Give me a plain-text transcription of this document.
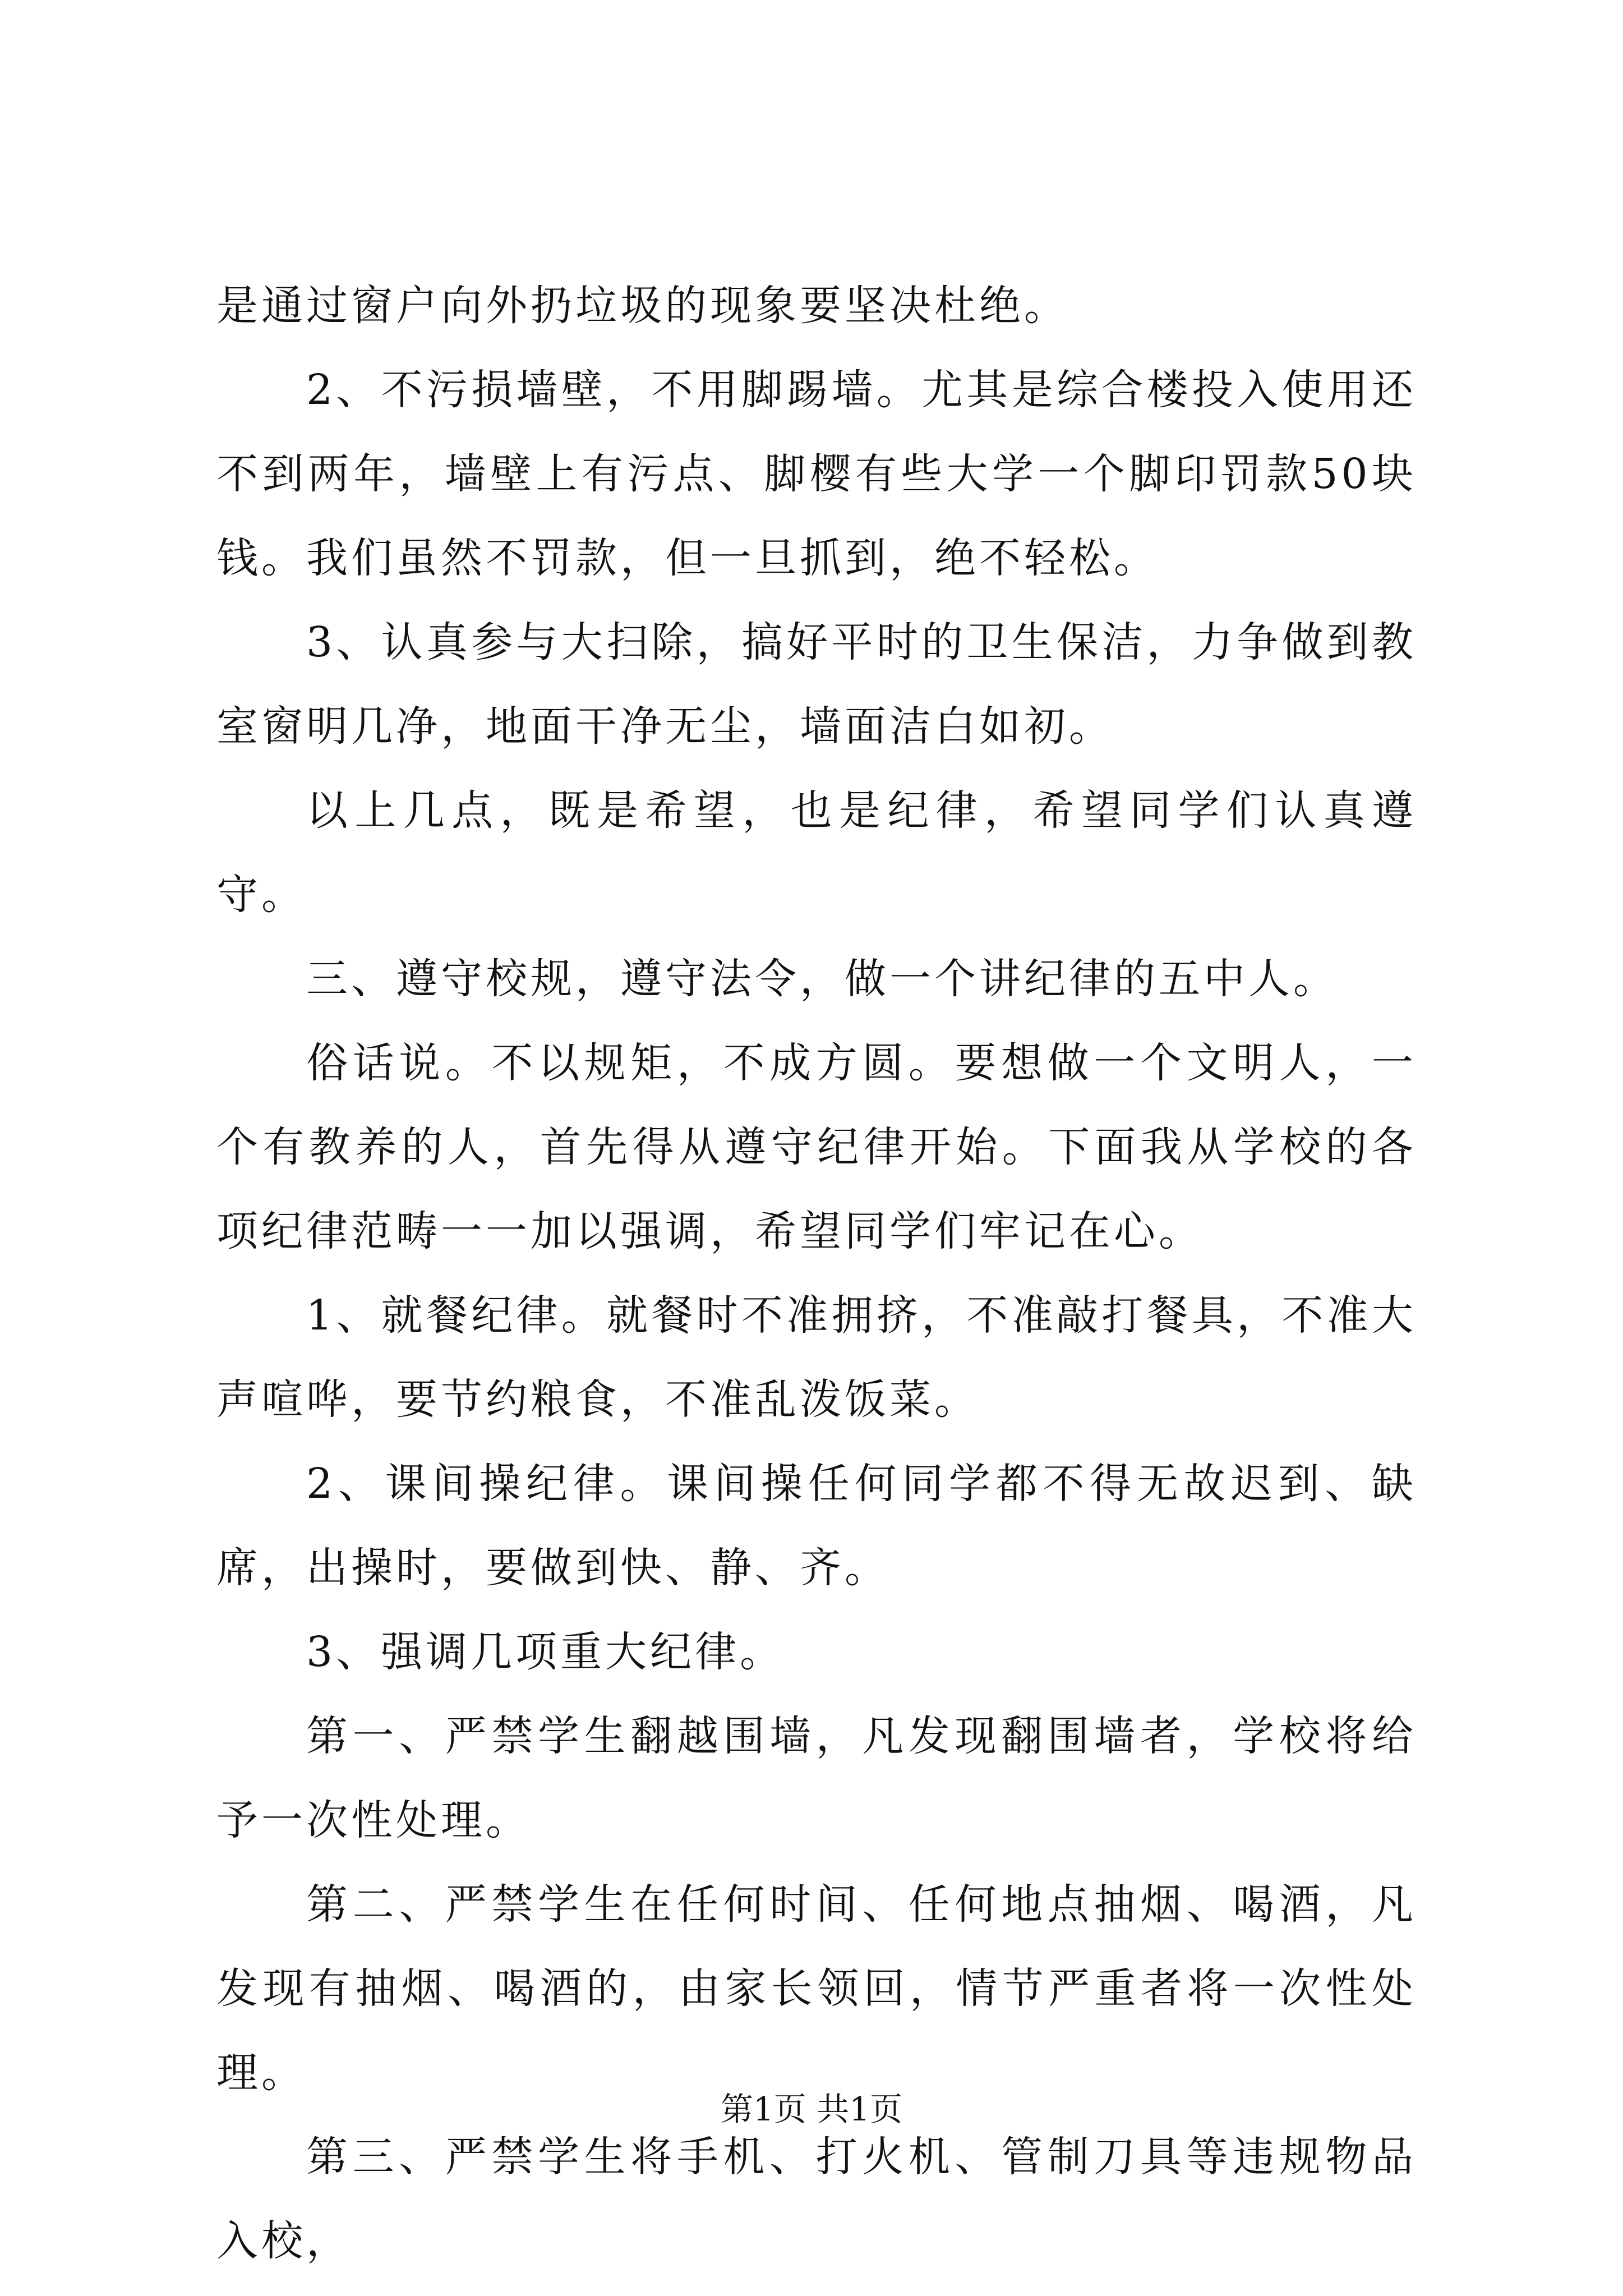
是通过窗户向外扔垃圾的现象要坚决杜绝。

2、不污损墙壁，不用脚踢墙。尤其是综合楼投入使用还不到两年，墙壁上有污点、脚樱有些大学一个脚印罚款50块钱。我们虽然不罚款，但一旦抓到，绝不轻松。

3、认真参与大扫除，搞好平时的卫生保洁，力争做到教室窗明几净，地面干净无尘，墙面洁白如初。

以上几点，既是希望，也是纪律，希望同学们认真遵守。

三、遵守校规，遵守法令，做一个讲纪律的五中人。

俗话说。不以规矩，不成方圆。要想做一个文明人，一个有教养的人，首先得从遵守纪律开始。下面我从学校的各项纪律范畴一一加以强调，希望同学们牢记在心。

1、就餐纪律。就餐时不准拥挤，不准敲打餐具，不准大声喧哗，要节约粮食，不准乱泼饭菜。

2、课间操纪律。课间操任何同学都不得无故迟到、缺席，出操时，要做到快、静、齐。

3、强调几项重大纪律。

第一、严禁学生翻越围墙，凡发现翻围墙者，学校将给予一次性处理。

第二、严禁学生在任何时间、任何地点抽烟、喝酒，凡发现有抽烟、喝酒的，由家长领回，情节严重者将一次性处理。

第三、严禁学生将手机、打火机、管制刀具等违规物品入校，

第1页 共1页
